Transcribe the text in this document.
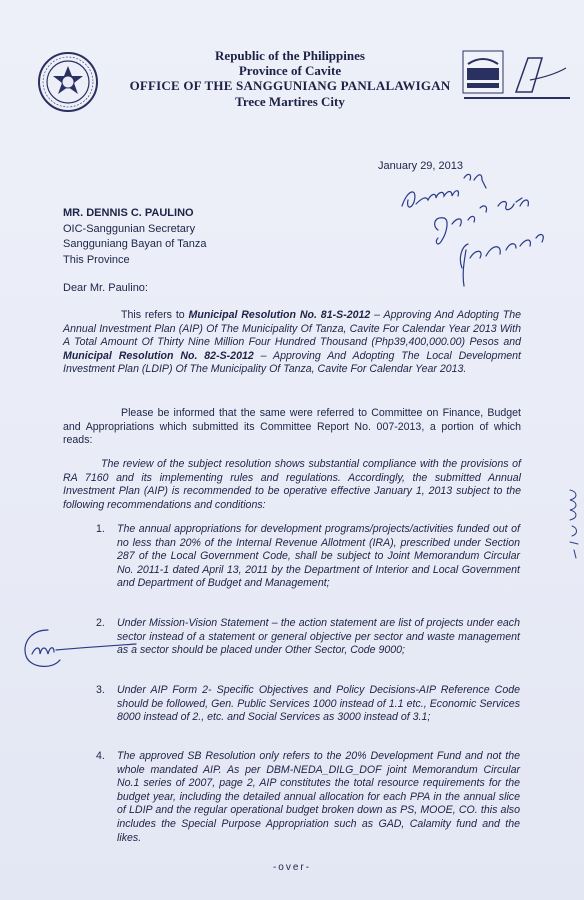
Republic of the Philippines
Province of Cavite
OFFICE OF THE SANGGUNIANG PANLALAWIGAN
Trece Martires City
January 29, 2013
MR. DENNIS C. PAULINO
OIC-Sanggunian Secretary
Sangguniang Bayan of Tanza
This Province
Dear Mr. Paulino:
This refers to Municipal Resolution No. 81-S-2012 – Approving And Adopting The Annual Investment Plan (AIP) Of The Municipality Of Tanza, Cavite For Calendar Year 2013 With A Total Amount Of Thirty Nine Million Four Hundred Thousand (Php39,400,000.00) Pesos and Municipal Resolution No. 82-S-2012 – Approving And Adopting The Local Development Investment Plan (LDIP) Of The Municipality Of Tanza, Cavite For Calendar Year 2013.
Please be informed that the same were referred to Committee on Finance, Budget and Appropriations which submitted its Committee Report No. 007-2013, a portion of which reads:
The review of the subject resolution shows substantial compliance with the provisions of RA 7160 and its implementing rules and regulations. Accordingly, the submitted Annual Investment Plan (AIP) is recommended to be operative effective January 1, 2013 subject to the following recommendations and conditions:
1. The annual appropriations for development programs/projects/activities funded out of no less than 20% of the Internal Revenue Allotment (IRA), prescribed under Section 287 of the Local Government Code, shall be subject to Joint Memorandum Circular No. 2011-1 dated April 13, 2011 by the Department of Interior and Local Government and Department of Budget and Management;
2. Under Mission-Vision Statement – the action statement are list of projects under each sector instead of a statement or general objective per sector and waste management as a sector should be placed under Other Sector, Code 9000;
3. Under AIP Form 2- Specific Objectives and Policy Decisions-AIP Reference Code should be followed, Gen. Public Services 1000 instead of 1.1 etc., Economic Services 8000 instead of 2., etc. and Social Services as 3000 instead of 3.1;
4. The approved SB Resolution only refers to the 20% Development Fund and not the whole mandated AIP. As per DBM-NEDA_DILG_DOF joint Memorandum Circular No.1 series of 2007, page 2, AIP constitutes the total resource requirements for the budget year, including the detailed annual allocation for each PPA in the annual slice of LDIP and the regular operational budget broken down as PS, MOOE, CO. this also includes the Special Purpose Appropriation such as GAD, Calamity fund and the likes.
-over-
